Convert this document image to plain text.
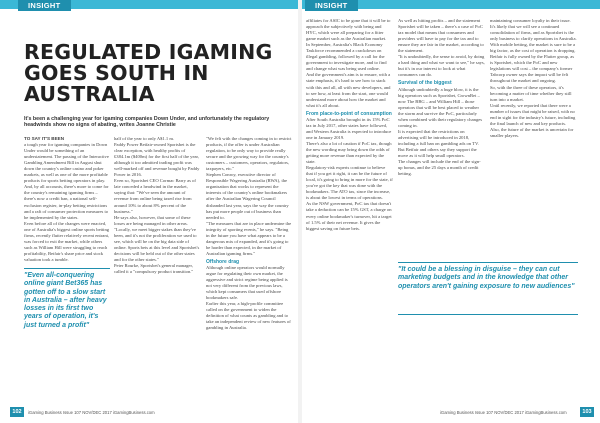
INSIGHT	INSIGHT
REGULATED IGAMING GOES SOUTH IN AUSTRALIA
It's been a challenging year for igaming companies Down Under, and unfortunately the regulatory headwinds show no signs of abating, writes Joanne Christie

TO SAY IT'S BEEN

a tough year for igaming companies in Down Under would be something of an understatement. The passing of the Interactive Gambling Amendment Bill in August shut down the country's online casino and poker markets, as well as one of the more profitable products for sports betting operators in play.

And, by all accounts, there's more to come for the country's remaining igaming firms – there's now a credit ban, a national self-exclusion register, in-play betting restrictions and a raft of consumer protection measures to be implemented by the states.

Even before all of the changes were enacted, one of Australia's biggest online sports betting firms, recently flutter relatively recent entrant, was forced to exit the market, while others such as William Hill were struggling to reach profitability, Betfair's share price and stock valuation took a tumble.

half of the year to only A$1.1 m.

Paddy Power Betfair-owned Sportsbet is the clear exception, with healthy profits of £384.1m ($400m) for the first half of the year, although it too admitted trading profit was well-marked off and revenue bought by Paddy Power in 2016.

Even so, Sportsbet CEO Cormac Barry as of late conceded a headwind in the market, saying that: "We've seen the amount of revenue from online being taxed rise from around 10% to about 8% percent of the business."

He says also, however, that some of these losses are being managed in other areas. "Locally, we meet bigger stakes than they've been, and it's not the proliferation we used to see, which will be on the big data side of online. Sports bets at this level and Sportsbet's decisions will be held out of the other states and for the other states."

Peter Rourke, Sportsbet's general manager, called it a "compulsory product transition."

"We felt with the changes coming in to restrict products, if the offer is under Australian regulation, to be only way to provide really secure and the growing way for the country's customers – customers, operators, regulators, taxpayers, etc."

Stephen Conroy, executive director of Responsible Wagering Australia (RWA), the organisation that works to represent the interests of the country's online bookmakers after the Australian Wagering Council disbanded last year, says the way the country has put more people out of business than needed to.

"The measures that are in place undermine the integrity of sporting events," he says. "Being in the future you have what appears to be a dangerous mix of expanded, and it's going to be harder than expected, in the market of Australian igaming firms."

Offshore drag

Although online operators would normally argue for regulating their own market, the aggressive and strict regime being applied is not very different from the previous laws, which kept consumers that used offshore bookmakers safe.

Earlier this year, a high-profile committee called on the government to widen the definition of what counts as gambling and to take an independent review of new features of gambling in Australia.

"Even all-conquering online giant Bet365 has gotten off to a slow start in Australia – after heavy losses in its first two years of operation, it's just turned a profit"

affiliates for ASIC to be gone that it will be to approach the subjectively with being and HYC, which were all preparing for a fitter game market such as the Australian market.

In September, Australia's Black Economy Taskforce recommended a crackdown on illegal gambling, followed by a call for the government to investigate more, and to find and change what was being used online.

And the government's aim is to ensure, with a state emphasis, it's hard to see how to stack with this and all, all with new developers, and to see how, at least from the start, one would understand more about how the market and what it's all about.

From place-to-point of consumption

After South Australia brought in its 15% PoC tax in July 2017, other states have followed, and Western Australia is expected to introduce one in January 2019.

There's also a lot of caution if PoC tax, though the new wording may bring down the odds of getting more revenue than expected by the state.

Regulatory-risk experts continue to believe that if you get it right, it can be the future of local, it's going to bring in more for the state, if you've got the key that was done with the bookmakers. The ATO tax, since the increase, is about the lowest in terms of operations.

As the NSW government, PoC tax that doesn't take a deduction can be 15% GST, a charge on every online bookmaker's turnover, hit a target of 1.5% of their net revenue. It gives the biggest saving on future bets.

As well as hitting profits – and the statement Sportsbet will be taken – there's a case of PoC tax model that means that consumers and providers will have to pay for the tax and to ensure they are fair in the market, according to the statement.

"It is undoubtedly, the sense to avoid, by doing a hard thing and what we want to see," he says, but it's in our interest to look at what consumers can do.

Survival of the biggest

Although undoubtedly a huge blow, it is the big operators such as Sportsbet, CrownBet – now The BBG – and William Hill – those operators that will be best placed to weather the storm and survive the PoC, particularly when combined with their regulatory changes coming in.

It is expected that the restrictions on advertising will be introduced in 2018, including a full ban on gambling ads on TV. But Betfair and others say they support the move as it will help small operators.

The changes will include the end of the sign-up bonus, and the 25 days a month of credit betting.

maintaining consumer loyalty in their issue.

It's likely that we will see a continued consolidation of firms, and as Sportsbet is the only business to clarify operations in Australia.

With mobile betting, the market is sure to be a big factor, as the cost of operation is dropping.

Betfair is fully owned by the Flutter group, as is Sportsbet, which the PoC and new legislations will cost – the company's former Tabcorp owner says the impact will be felt throughout the market and ongoing.

So, with the three of these operators, it's becoming a matter of time whether they still turn into a market.

Until recently, we reported that there were a number of issues that might be raised, with no end in sight for the industry's future, including the final launch of new and key products.

Also, the future of the market is uncertain for smaller players.

"It could be a blessing in disguise – they can cut marketing budgets and in the knowledge that other operators aren't gaining exposure to new audiences"
102	iGaming Business Issue 107 NOV/DEC 2017 iGamingBusiness.com	iGaming Business Issue 107 NOV/DEC 2017 iGamingBusiness.com	103
